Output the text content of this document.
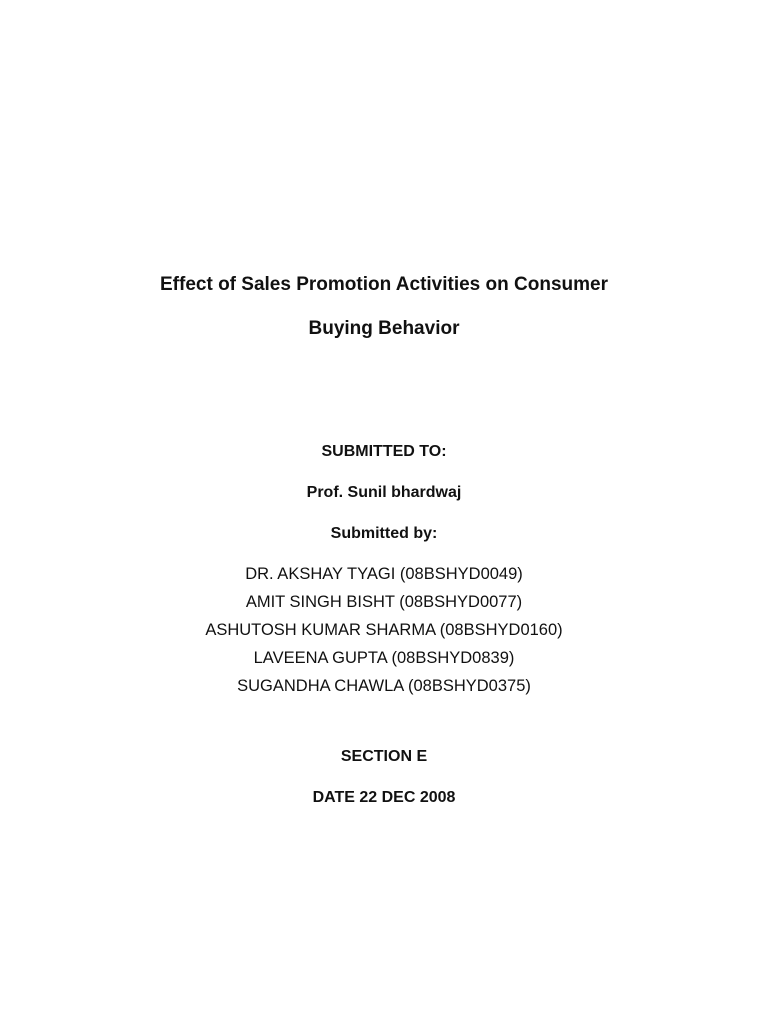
Effect of Sales Promotion Activities on Consumer
Buying Behavior
SUBMITTED TO:
Prof. Sunil bhardwaj
Submitted by:
DR. AKSHAY TYAGI (08BSHYD0049)
AMIT SINGH BISHT (08BSHYD0077)
ASHUTOSH KUMAR SHARMA (08BSHYD0160)
LAVEENA GUPTA (08BSHYD0839)
SUGANDHA CHAWLA (08BSHYD0375)
SECTION E
DATE 22 DEC 2008
